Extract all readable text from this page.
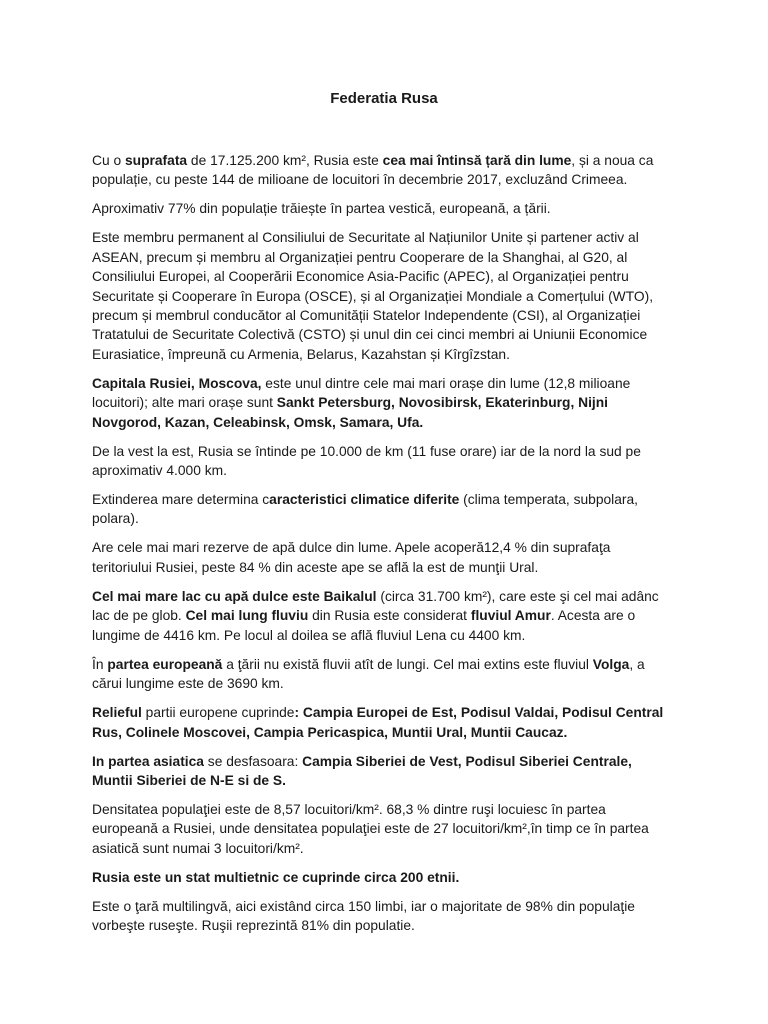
Federatia Rusa

Cu o suprafata de 17.125.200 km², Rusia este cea mai întinsă țară din lume, și a noua ca populație, cu peste 144 de milioane de locuitori în decembrie 2017, excluzând Crimeea.

Aproximativ 77% din populație trăiește în partea vestică, europeană, a țării.

Este membru permanent al Consiliului de Securitate al Națiunilor Unite și partener activ al ASEAN, precum și membru al Organizației pentru Cooperare de la Shanghai, al G20, al Consiliului Europei, al Cooperării Economice Asia-Pacific (APEC), al Organizației pentru Securitate și Cooperare în Europa (OSCE), și al Organizației Mondiale a Comerțului (WTO), precum și membrul conducător al Comunității Statelor Independente (CSI), al Organizației Tratatului de Securitate Colectivă (CSTO) și unul din cei cinci membri ai Uniunii Economice Eurasiatice, împreună cu Armenia, Belarus, Kazahstan și Kîrgîzstan.

Capitala Rusiei, Moscova, este unul dintre cele mai mari orașe din lume (12,8 milioane locuitori); alte mari orașe sunt Sankt Petersburg, Novosibirsk, Ekaterinburg, Nijni Novgorod, Kazan, Celeabinsk, Omsk, Samara, Ufa.

De la vest la est, Rusia se întinde pe 10.000 de km (11 fuse orare) iar de la nord la sud pe aproximativ 4.000 km.

Extinderea mare determina caracteristici climatice diferite (clima temperata, subpolara, polara).

Are cele mai mari rezerve de apă dulce din lume. Apele acoperă12,4 % din suprafaţa teritoriului Rusiei, peste 84 % din aceste ape se află la est de munţii Ural.

Cel mai mare lac cu apă dulce este Baikalul (circa 31.700 km²), care este şi cel mai adânc lac de pe glob. Cel mai lung fluviu din Rusia este considerat fluviul Amur. Acesta are o lungime de 4416 km. Pe locul al doilea se află fluviul Lena cu 4400 km.

În partea europeană a ţării nu există fluvii atît de lungi. Cel mai extins este fluviul Volga, a cărui lungime este de 3690 km.

Relieful partii europene cuprinde: Campia Europei de Est, Podisul Valdai, Podisul Central Rus, Colinele Moscovei, Campia Pericaspica, Muntii Ural, Muntii Caucaz.

In partea asiatica se desfasoara: Campia Siberiei de Vest, Podisul Siberiei Centrale, Muntii Siberiei de N-E si de S.

Densitatea populaţiei este de 8,57 locuitori/km². 68,3 % dintre ruşi locuiesc în partea europeană a Rusiei, unde densitatea populaţiei este de 27 locuitori/km²,în timp ce în partea asiatică sunt numai 3 locuitori/km².

Rusia este un stat multietnic ce cuprinde circa 200 etnii.

Este o ţară multilingvă, aici existând circa 150 limbi, iar o majoritate de 98% din populaţie vorbeşte ruseşte. Ruşii reprezintă 81% din populatie.
